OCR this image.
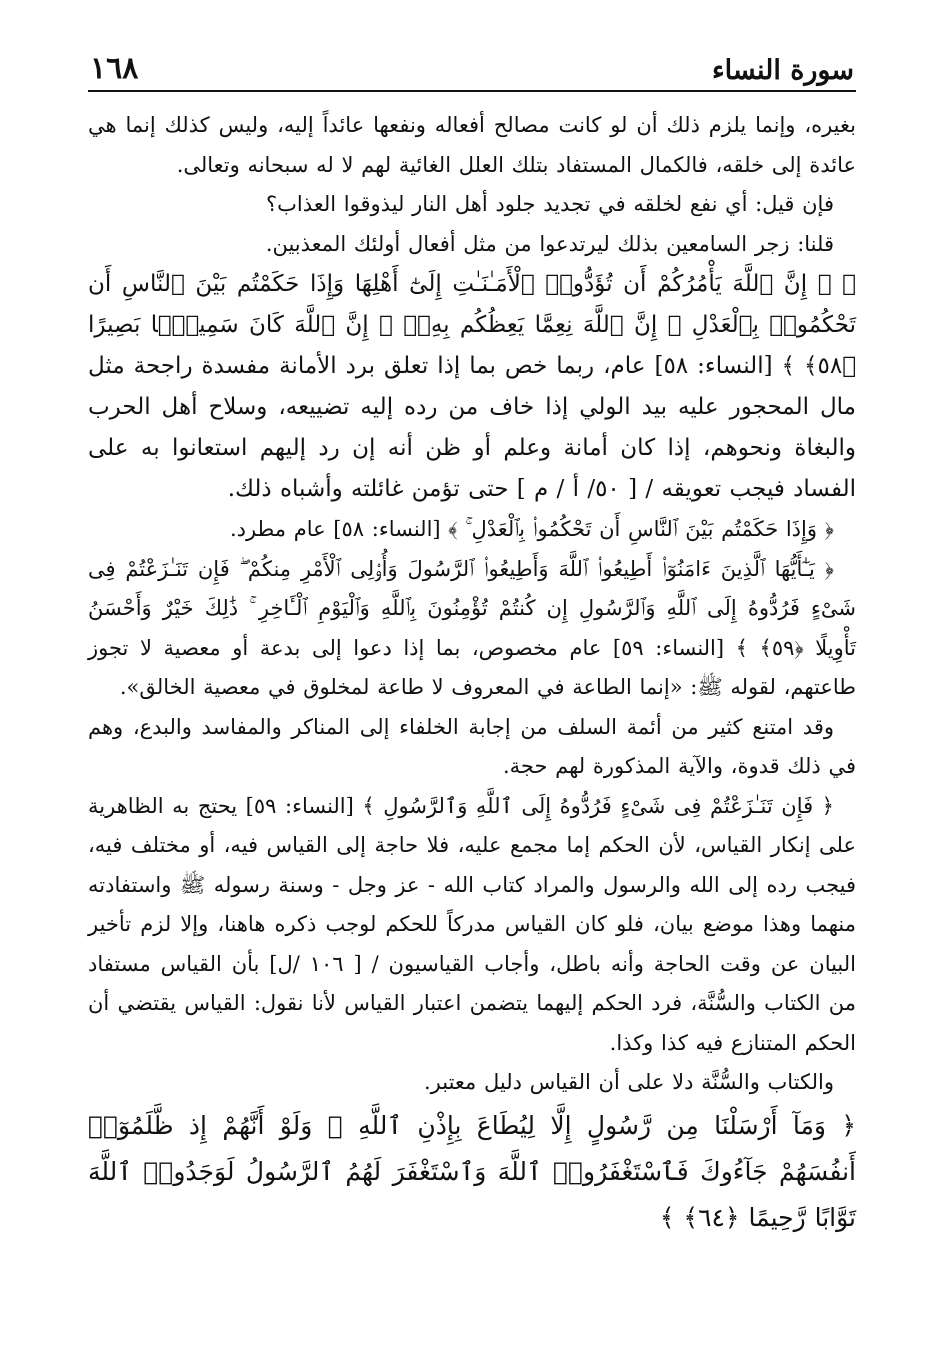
سورة النساء
١٦٨

بغيره، وإنما يلزم ذلك أن لو كانت مصالح أفعاله ونفعها عائداً إليه، وليس كذلك إنما هي عائدة إلى خلقه، فالكمال المستفاد بتلك العلل الغائية لهم لا له سبحانه وتعالى.

فإن قيل: أي نفع لخلقه في تجديد جلود أهل النار ليذوقوا العذاب؟

قلنا: زجر السامعين بذلك ليرتدعوا من مثل أفعال أولئك المعذبين.

﴿ ۞ إِنَّ ٱللَّهَ يَأْمُرُكُمْ أَن تُؤَدُّوا۟ ٱلْأَمَـٰنَـٰتِ إِلَىٰٓ أَهْلِهَا وَإِذَا حَكَمْتُم بَيْنَ ٱلنَّاسِ أَن تَحْكُمُوا۟ بِٱلْعَدْلِ ۚ إِنَّ ٱللَّهَ نِعِمَّا يَعِظُكُم بِهِۦٓ ۗ إِنَّ ٱللَّهَ كَانَ سَمِيعًۢا بَصِيرًا ﴿٥٨﴾ ﴾ [النساء: ٥٨] عام، ربما خص بما إذا تعلق برد الأمانة مفسدة راجحة مثل مال المحجور عليه بيد الولي إذا خاف من رده إليه تضييعه، وسلاح أهل الحرب والبغاة ونحوهم، إذا كان أمانة وعلم أو ظن أنه إن رد إليهم استعانوا به على الفساد فيجب تعويقه / [ ٥٠/ أ / م ] حتى تؤمن غائلته وأشباه ذلك.

﴿ وَإِذَا حَكَمْتُم بَيْنَ ٱلنَّاسِ أَن تَحْكُمُوا۟ بِٱلْعَدْلِ ۚ ﴾ [النساء: ٥٨] عام مطرد.

﴿ يَـٰٓأَيُّهَا ٱلَّذِينَ ءَامَنُوٓا۟ أَطِيعُوا۟ ٱللَّهَ وَأَطِيعُوا۟ ٱلرَّسُولَ وَأُو۟لِى ٱلْأَمْرِ مِنكُمْ ۖ فَإِن تَنَـٰزَعْتُمْ فِى شَىْءٍ فَرُدُّوهُ إِلَى ٱللَّهِ وَٱلرَّسُولِ إِن كُنتُمْ تُؤْمِنُونَ بِٱللَّهِ وَٱلْيَوْمِ ٱلْـَٔاخِرِ ۚ ذَٰلِكَ خَيْرٌ وَأَحْسَنُ تَأْوِيلًا ﴿٥٩﴾ ﴾ [النساء: ٥٩] عام مخصوص، بما إذا دعوا إلى بدعة أو معصية لا تجوز طاعتهم، لقوله ﷺ: «إنما الطاعة في المعروف لا طاعة لمخلوق في معصية الخالق».

وقد امتنع كثير من أئمة السلف من إجابة الخلفاء إلى المناكر والمفاسد والبدع، وهم في ذلك قدوة، والآية المذكورة لهم حجة.

﴿ فَإِن تَنَـٰزَعْتُمْ فِى شَىْءٍ فَرُدُّوهُ إِلَى ٱللَّهِ وَٱلرَّسُولِ ﴾ [النساء: ٥٩] يحتج به الظاهرية على إنكار القياس، لأن الحكم إما مجمع عليه، فلا حاجة إلى القياس فيه، أو مختلف فيه، فيجب رده إلى الله والرسول والمراد كتاب الله - عز وجل - وسنة رسوله ﷺ واستفادته منهما وهذا موضع بيان، فلو كان القياس مدركاً للحكم لوجب ذكره هاهنا، وإلا لزم تأخير البيان عن وقت الحاجة وأنه باطل، وأجاب القياسيون / [ ١٠٦ /ل] بأن القياس مستفاد من الكتاب والسُّنَّة، فرد الحكم إليهما يتضمن اعتبار القياس لأنا نقول: القياس يقتضي أن الحكم المتنازع فيه كذا وكذا.

والكتاب والسُّنَّة دلا على أن القياس دليل معتبر.

﴿ وَمَآ أَرْسَلْنَا مِن رَّسُولٍ إِلَّا لِيُطَاعَ بِإِذْنِ ٱللَّهِ ۚ وَلَوْ أَنَّهُمْ إِذ ظَّلَمُوٓا۟ أَنفُسَهُمْ جَآءُوكَ فَٱسْتَغْفَرُوا۟ ٱللَّهَ وَٱسْتَغْفَرَ لَهُمُ ٱلرَّسُولُ لَوَجَدُوا۟ ٱللَّهَ تَوَّابًا رَّحِيمًا ﴿٦٤﴾ ﴾
